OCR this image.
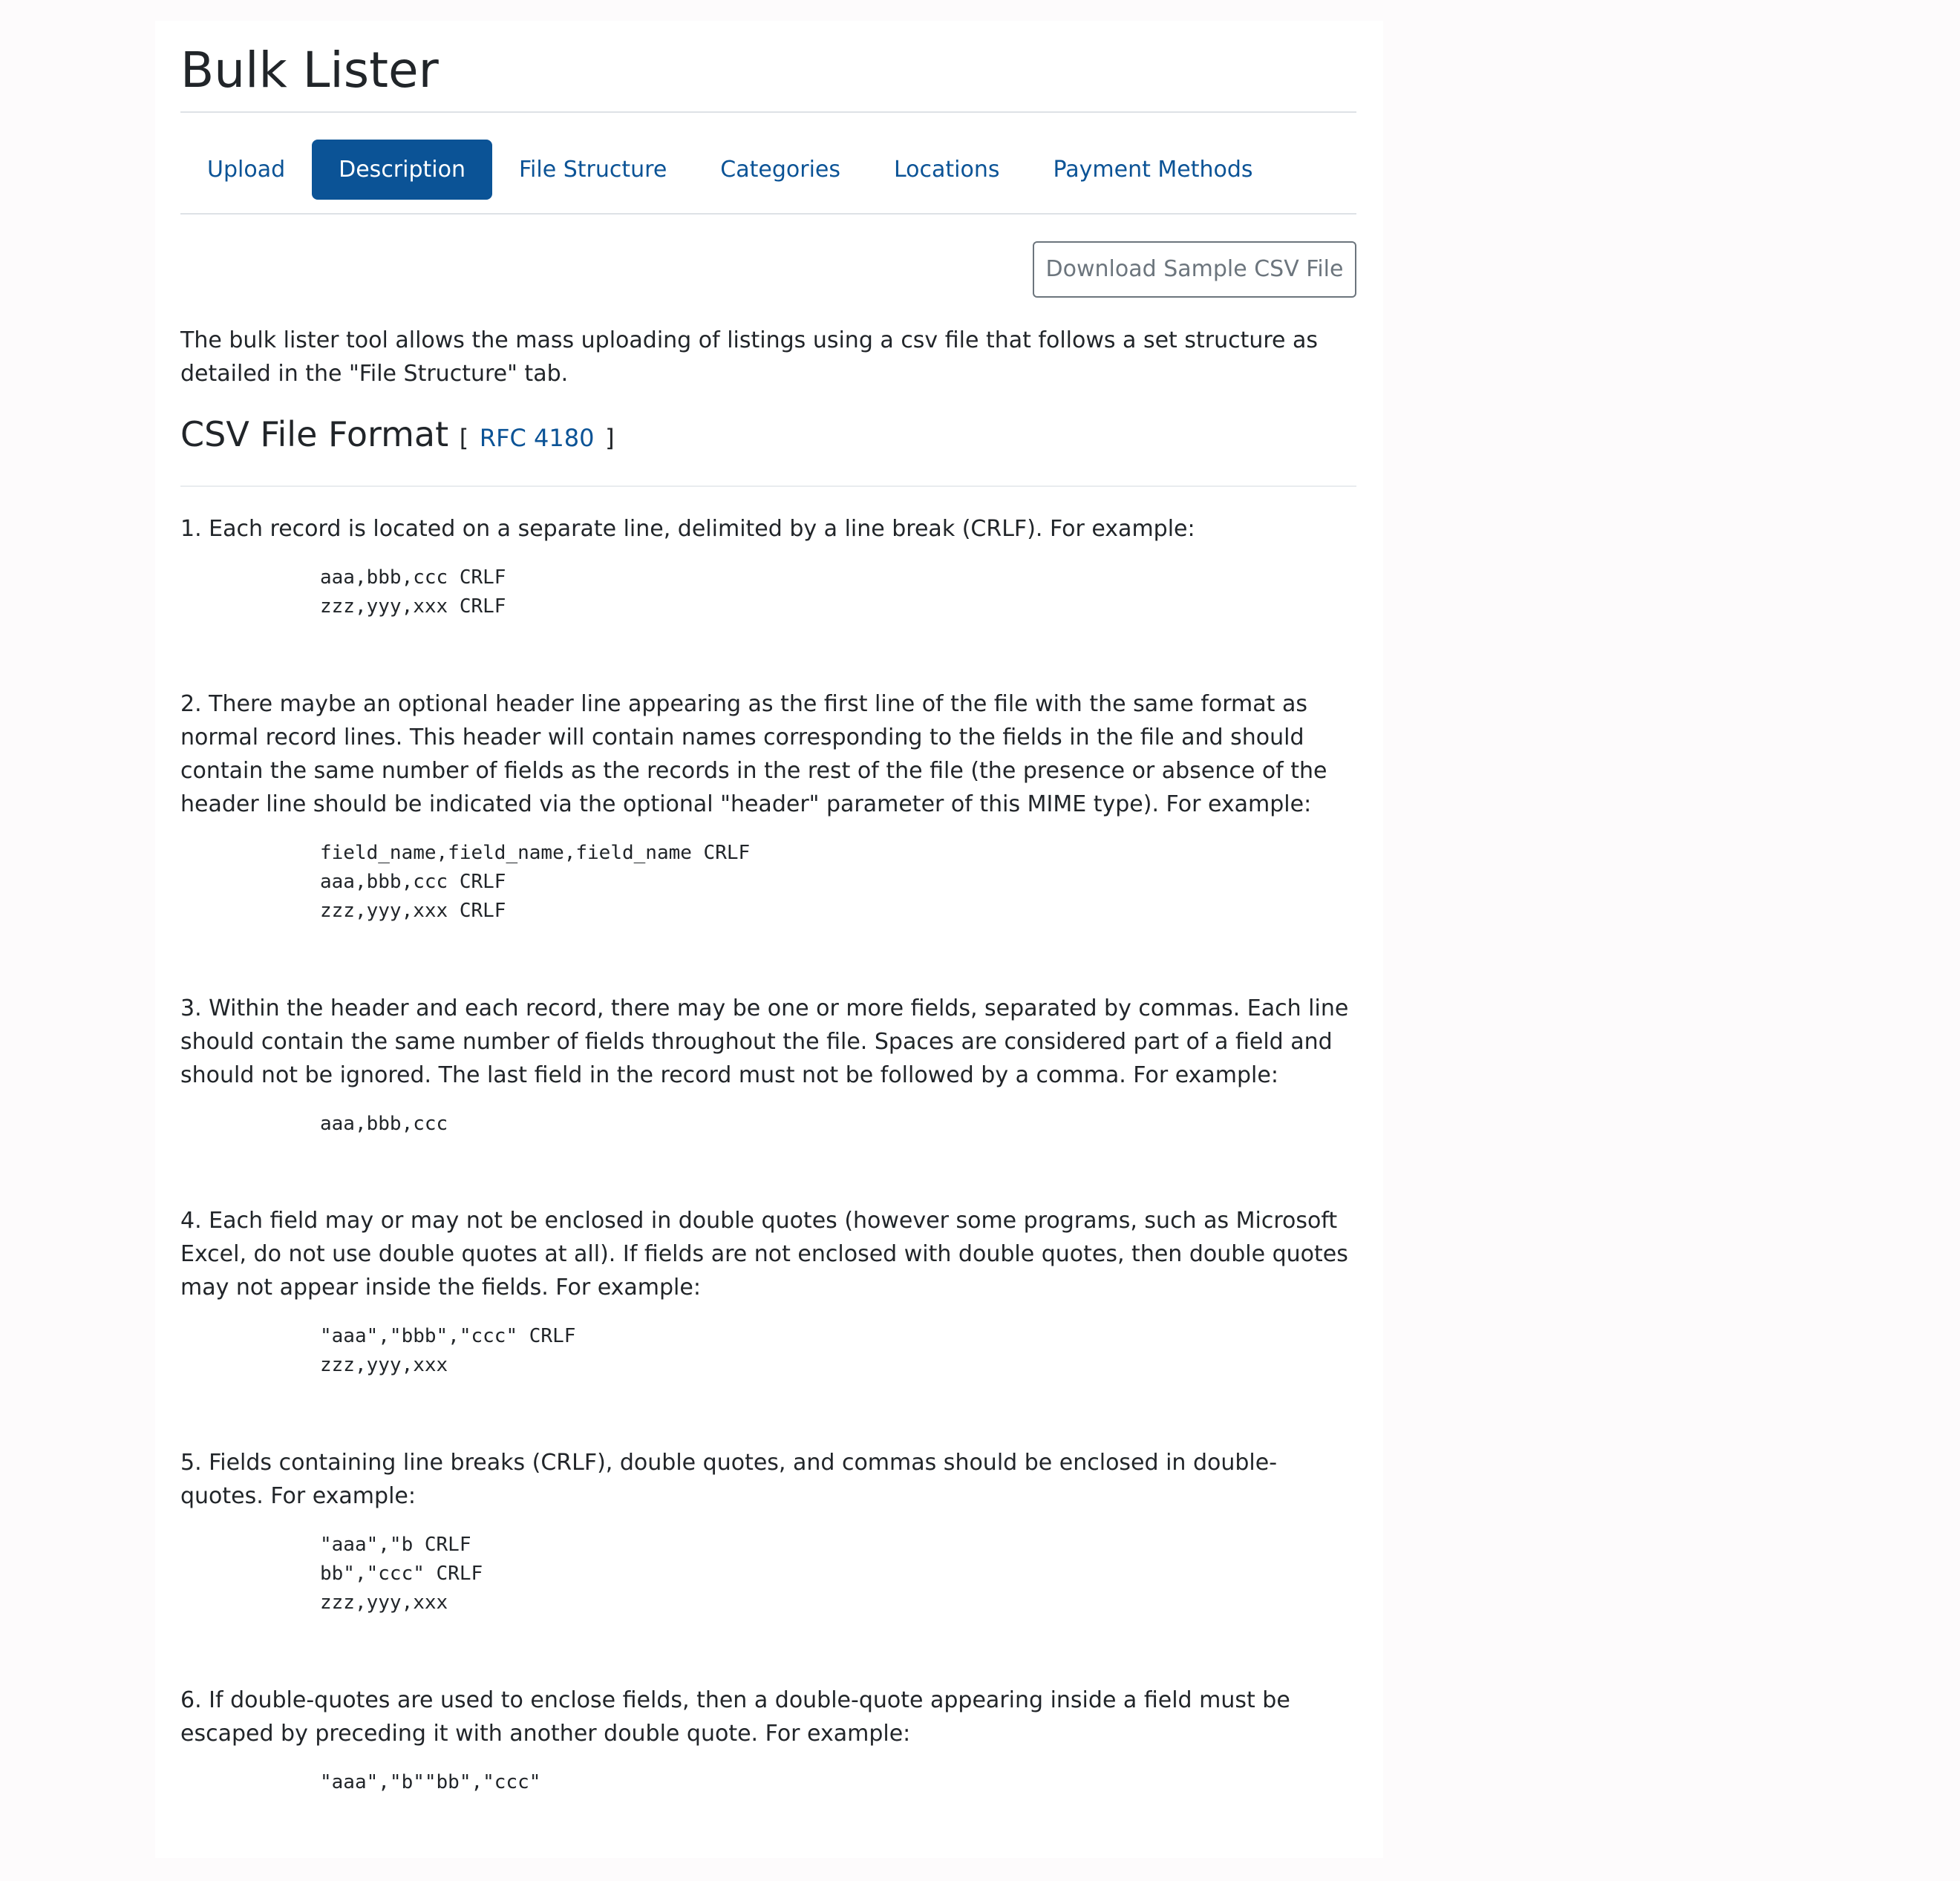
Bulk Lister
Upload	Description	File Structure	Categories	Locations	Payment Methods
Download Sample CSV File

The bulk lister tool allows the mass uploading of listings using a csv file that follows a set structure as detailed in the "File Structure" tab.

CSV File Format [ RFC 4180 ]

1. Each record is located on a separate line, delimited by a line break (CRLF). For example:

aaa,bbb,ccc CRLF
zzz,yyy,xxx CRLF

2. There maybe an optional header line appearing as the first line of the file with the same format as normal record lines. This header will contain names corresponding to the fields in the file and should contain the same number of fields as the records in the rest of the file (the presence or absence of the header line should be indicated via the optional "header" parameter of this MIME type). For example:

field_name,field_name,field_name CRLF
aaa,bbb,ccc CRLF
zzz,yyy,xxx CRLF

3. Within the header and each record, there may be one or more fields, separated by commas. Each line should contain the same number of fields throughout the file. Spaces are considered part of a field and should not be ignored. The last field in the record must not be followed by a comma. For example:

aaa,bbb,ccc

4. Each field may or may not be enclosed in double quotes (however some programs, such as Microsoft Excel, do not use double quotes at all). If fields are not enclosed with double quotes, then double quotes may not appear inside the fields. For example:

"aaa","bbb","ccc" CRLF
zzz,yyy,xxx

5. Fields containing line breaks (CRLF), double quotes, and commas should be enclosed in double-quotes. For example:

"aaa","b CRLF
bb","ccc" CRLF
zzz,yyy,xxx

6. If double-quotes are used to enclose fields, then a double-quote appearing inside a field must be escaped by preceding it with another double quote. For example:

"aaa","b""bb","ccc"
